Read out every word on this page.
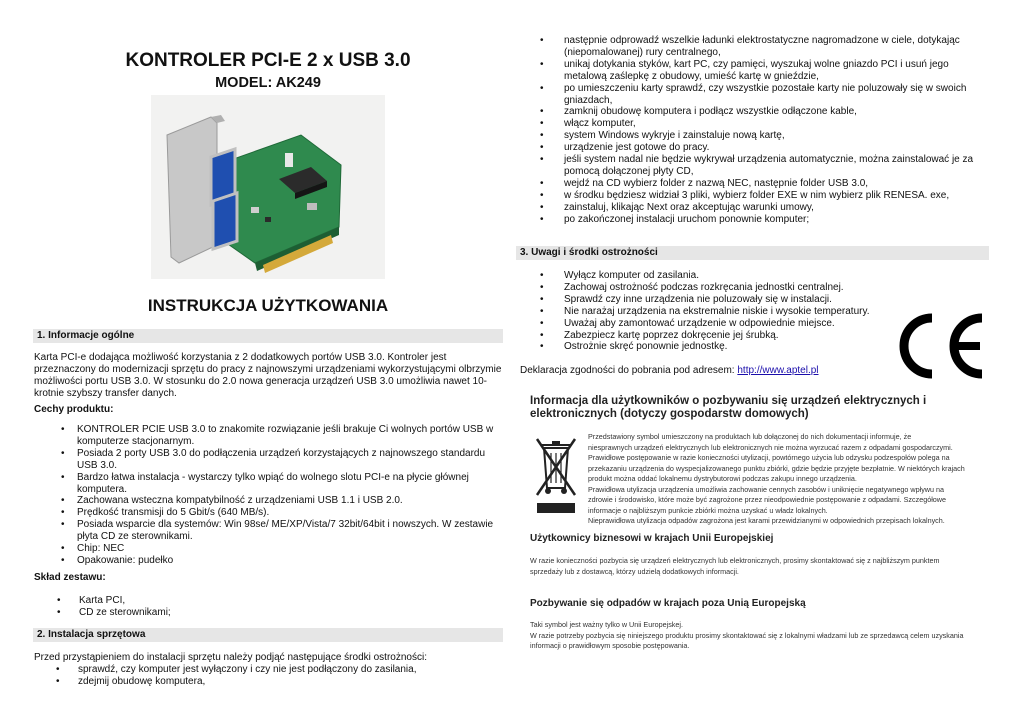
KONTROLER PCI-E 2 x USB 3.0
MODEL: AK249
INSTRUKCJA UŻYTKOWANIA
1. Informacje ogólne
Karta PCI-e dodająca możliwość korzystania z 2 dodatkowych portów USB 3.0. Kontroler jest przeznaczony do modernizacji sprzętu do pracy z najnowszymi urządzeniami wykorzystującymi olbrzymie możliwości portu USB 3.0. W stosunku do 2.0 nowa generacja urządzeń USB 3.0 umożliwia nawet 10-krotnie szybszy transfer danych.
Cechy produktu:
• KONTROLER PCIE USB 3.0 to znakomite rozwiązanie jeśli brakuje Ci wolnych portów USB w komputerze stacjonarnym.
• Posiada 2 porty USB 3.0 do podłączenia urządzeń korzystających z najnowszego standardu USB 3.0.
• Bardzo łatwa instalacja - wystarczy tylko wpiąć do wolnego slotu PCI-e na płycie głównej komputera.
• Zachowana wsteczna kompatybilność z urządzeniami USB 1.1 i USB 2.0.
• Prędkość transmisji do 5 Gbit/s (640 MB/s).
• Posiada wsparcie dla systemów: Win 98se/ ME/XP/Vista/7 32bit/64bit i nowszych. W zestawie płyta CD ze sterownikami.
• Chip: NEC
• Opakowanie: pudełko
Skład zestawu:
• Karta PCI,
• CD ze sterownikami;
2. Instalacja sprzętowa
Przed przystąpieniem do instalacji sprzętu należy podjąć następujące środki ostrożności:
• sprawdź, czy komputer jest wyłączony i czy nie jest podłączony do zasilania,
• zdejmij obudowę komputera,
• następnie odprowadź wszelkie ładunki elektrostatyczne nagromadzone w ciele, dotykając (niepomalowanej) rury centralnego,
• unikaj dotykania styków, kart PC, czy pamięci, wyszukaj wolne gniazdo PCI i usuń jego metalową zaślepkę z obudowy, umieść kartę w gnieździe,
• po umieszczeniu karty sprawdź, czy wszystkie pozostałe karty nie poluzowały się w swoich gniazdach,
• zamknij obudowę komputera i podłącz wszystkie odłączone kable,
• włącz komputer,
• system Windows wykryje i zainstaluje nową kartę,
• urządzenie jest gotowe do pracy.
• jeśli system nadal nie będzie wykrywał urządzenia automatycznie, można zainstalować je za pomocą dołączonej płyty CD,
• wejdź na CD wybierz folder z nazwą NEC, następnie folder USB 3.0,
• w środku będziesz widział 3 pliki, wybierz folder EXE w nim wybierz plik RENESA. exe,
• zainstaluj, klikając Next oraz akceptując warunki umowy,
• po zakończonej instalacji uruchom ponownie komputer;
3. Uwagi i środki ostrożności
• Wyłącz komputer od zasilania.
• Zachowaj ostrożność podczas rozkręcania jednostki centralnej.
• Sprawdź czy inne urządzenia nie poluzowały się w instalacji.
• Nie narażaj urządzenia na ekstremalnie niskie i wysokie temperatury.
• Uważaj aby zamontować urządzenie w odpowiednie miejsce.
• Zabezpiecz kartę poprzez dokręcenie jej śrubką.
• Ostrożnie skręć ponownie jednostkę.
Deklaracja zgodności do pobrania pod adresem: http://www.aptel.pl
Informacja dla użytkowników o pozbywaniu się urządzeń elektrycznych i elektronicznych (dotyczy gospodarstw domowych)
Przedstawiony symbol umieszczony na produktach lub dołączonej do nich dokumentacji informuje, że
niesprawnych urządzeń elektrycznych lub elektronicznych nie można wyrzucać razem z odpadami gospodarczymi.
Prawidłowe postępowanie w razie konieczności utylizacji, powtórnego użycia lub odzysku podzespołów polega na
przekazaniu urządzenia do wyspecjalizowanego punktu zbiórki, gdzie będzie przyjęte bezpłatnie. W niektórych krajach
produkt można oddać lokalnemu dystrybutorowi podczas zakupu innego urządzenia.
Prawidłowa utylizacja urządzenia umożliwia zachowanie cennych zasobów i uniknięcie negatywnego wpływu na
zdrowie i środowisko, które może być zagrożone przez nieodpowiednie postępowanie z odpadami. Szczegółowe
informacje o najbliższym punkcie zbiórki można uzyskać u władz lokalnych.
Nieprawidłowa utylizacja odpadów zagrożona jest karami przewidzianymi w odpowiednich przepisach lokalnych.
Użytkownicy biznesowi w krajach Unii Europejskiej
W razie konieczności pozbycia się urządzeń elektrycznych lub elektronicznych, prosimy skontaktować się z najbliższym punktem
sprzedaży lub z dostawcą, którzy udzielą dodatkowych informacji.
Pozbywanie się odpadów w krajach poza Unią Europejską
Taki symbol jest ważny tylko w Unii Europejskej.
W razie potrzeby pozbycia się niniejszego produktu prosimy skontaktować się z lokalnymi władzami lub ze sprzedawcą celem uzyskania
informacji o prawidłowym sposobie postępowania.
